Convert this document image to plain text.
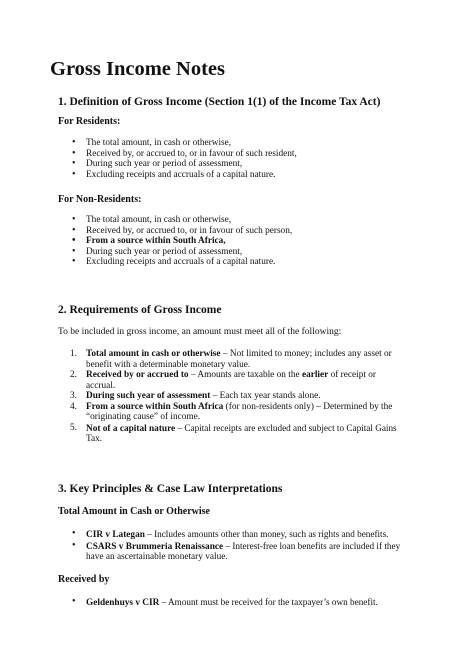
Gross Income Notes
1. Definition of Gross Income (Section 1(1) of the Income Tax Act)
For Residents:
• The total amount, in cash or otherwise,
• Received by, or accrued to, or in favour of such resident,
• During such year or period of assessment,
• Excluding receipts and accruals of a capital nature.
For Non-Residents:
• The total amount, in cash or otherwise,
• Received by, or accrued to, or in favour of such person,
• From a source within South Africa,
• During such year or period of assessment,
• Excluding receipts and accruals of a capital nature.
2. Requirements of Gross Income
To be included in gross income, an amount must meet all of the following:
1. Total amount in cash or otherwise – Not limited to money; includes any asset or
benefit with a determinable monetary value.
2. Received by or accrued to – Amounts are taxable on the earlier of receipt or
accrual.
3. During such year of assessment – Each tax year stands alone.
4. From a source within South Africa (for non-residents only) – Determined by the
“originating cause” of income.
5. Not of a capital nature – Capital receipts are excluded and subject to Capital Gains
Tax.
3. Key Principles & Case Law Interpretations
Total Amount in Cash or Otherwise
• CIR v Lategan – Includes amounts other than money, such as rights and benefits.
• CSARS v Brummeria Renaissance – Interest-free loan benefits are included if they
have an ascertainable monetary value.
Received by
• Geldenhuys v CIR – Amount must be received for the taxpayer’s own benefit.
